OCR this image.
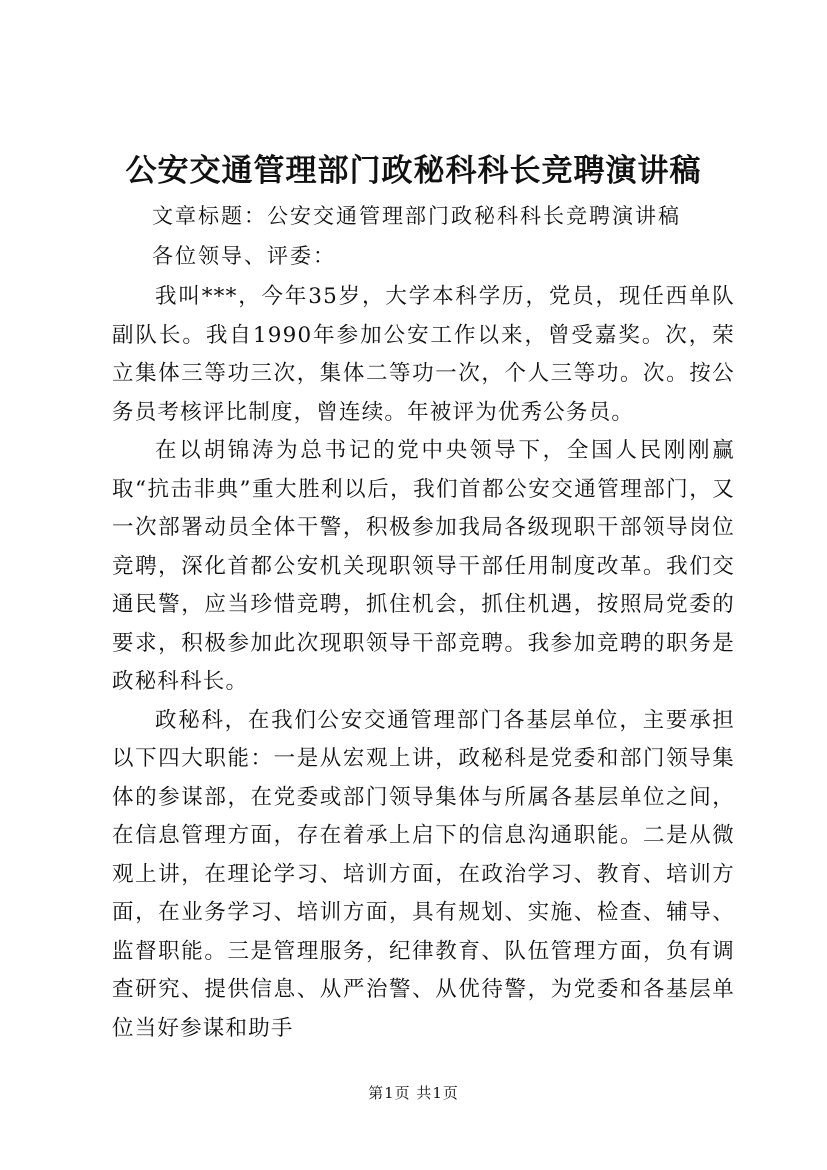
公安交通管理部门政秘科科长竞聘演讲稿
文章标题：公安交通管理部门政秘科科长竞聘演讲稿
各位领导、评委：

我叫***，今年35岁，大学本科学历，党员，现任西单队副队长。我自1990年参加公安工作以来，曾受嘉奖。次，荣立集体三等功三次，集体二等功一次，个人三等功。次。按公务员考核评比制度，曾连续。年被评为优秀公务员。

在以胡锦涛为总书记的党中央领导下，全国人民刚刚赢取“抗击非典”重大胜利以后，我们首都公安交通管理部门，又一次部署动员全体干警，积极参加我局各级现职干部领导岗位竞聘，深化首都公安机关现职领导干部任用制度改革。我们交通民警，应当珍惜竞聘，抓住机会，抓住机遇，按照局党委的要求，积极参加此次现职领导干部竞聘。我参加竞聘的职务是政秘科科长。

政秘科，在我们公安交通管理部门各基层单位，主要承担以下四大职能：一是从宏观上讲，政秘科是党委和部门领导集体的参谋部，在党委或部门领导集体与所属各基层单位之间，在信息管理方面，存在着承上启下的信息沟通职能。二是从微观上讲，在理论学习、培训方面，在政治学习、教育、培训方面，在业务学习、培训方面，具有规划、实施、检查、辅导、监督职能。三是管理服务，纪律教育、队伍管理方面，负有调查研究、提供信息、从严治警、从优待警，为党委和各基层单位当好参谋和助手

第1页 共1页
